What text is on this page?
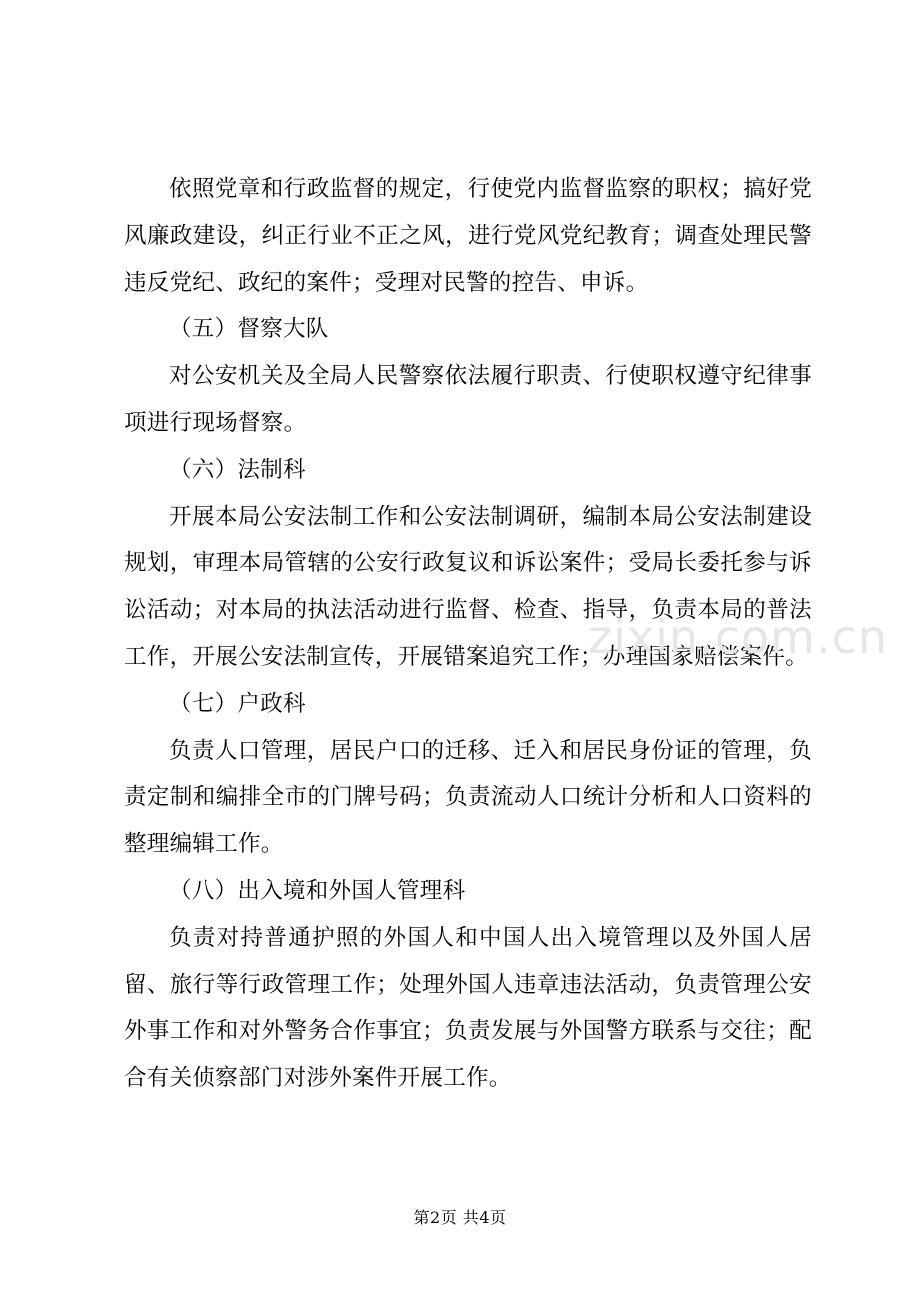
依照党章和行政监督的规定，行使党内监督监察的职权；搞好党风廉政建设，纠正行业不正之风，进行党风党纪教育；调查处理民警违反党纪、政纪的案件；受理对民警的控告、申诉。

（五）督察大队

对公安机关及全局人民警察依法履行职责、行使职权遵守纪律事项进行现场督察。

（六）法制科

开展本局公安法制工作和公安法制调研，编制本局公安法制建设规划，审理本局管辖的公安行政复议和诉讼案件；受局长委托参与诉讼活动；对本局的执法活动进行监督、检查、指导，负责本局的普法工作，开展公安法制宣传，开展错案追究工作；办理国家赔偿案件。

（七）户政科

负责人口管理，居民户口的迁移、迁入和居民身份证的管理，负责定制和编排全市的门牌号码；负责流动人口统计分析和人口资料的整理编辑工作。

（八）出入境和外国人管理科

负责对持普通护照的外国人和中国人出入境管理以及外国人居留、旅行等行政管理工作；处理外国人违章违法活动，负责管理公安外事工作和对外警务合作事宜；负责发展与外国警方联系与交往；配合有关侦察部门对涉外案件开展工作。

zixin.com.cn
第2页 共4页
